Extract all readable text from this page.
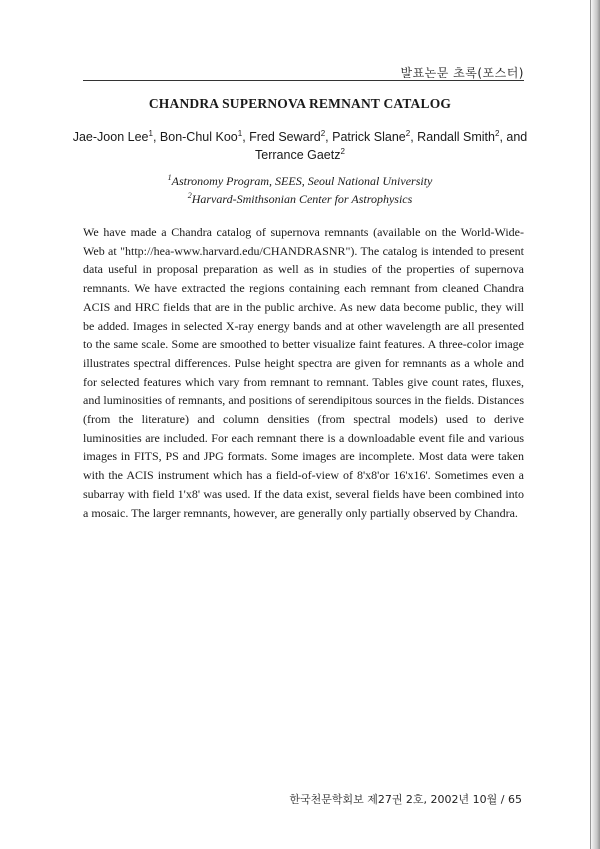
발표논문 초록(포스터)
CHANDRA SUPERNOVA REMNANT CATALOG
Jae-Joon Lee$^1$, Bon-Chul Koo$^1$, Fred Seward$^2$, Patrick Slane$^2$, Randall Smith$^2$, and
Terrance Gaetz$^2$
$^1$Astronomy Program, SEES, Seoul National University
$^2$Harvard-Smithsonian Center for Astrophysics

We have made a Chandra catalog of supernova remnants (available on the World-Wide-Web at "http://hea-www.harvard.edu/CHANDRASNR"). The catalog is intended to present data useful in proposal preparation as well as in studies of the properties of supernova remnants. We have extracted the regions containing each remnant from cleaned Chandra ACIS and HRC fields that are in the public archive. As new data become public, they will be added. Images in selected X-ray energy bands and at other wavelength are all presented to the same scale. Some are smoothed to better visualize faint features. A three-color image illustrates spectral differences. Pulse height spectra are given for remnants as a whole and for selected features which vary from remnant to remnant. Tables give count rates, fluxes, and luminosities of remnants, and positions of serendipitous sources in the fields. Distances (from the literature) and column densities (from spectral models) used to derive luminosities are included. For each remnant there is a downloadable event file and various images in FITS, PS and JPG formats. Some images are incomplete. Most data were taken with the ACIS instrument which has a field-of-view of 8'x8'or 16'x16'. Sometimes even a subarray with field 1'x8' was used. If the data exist, several fields have been combined into a mosaic. The larger remnants, however, are generally only partially observed by Chandra.

한국천문학회보 제27권 2호, 2002년 10월 / 65
